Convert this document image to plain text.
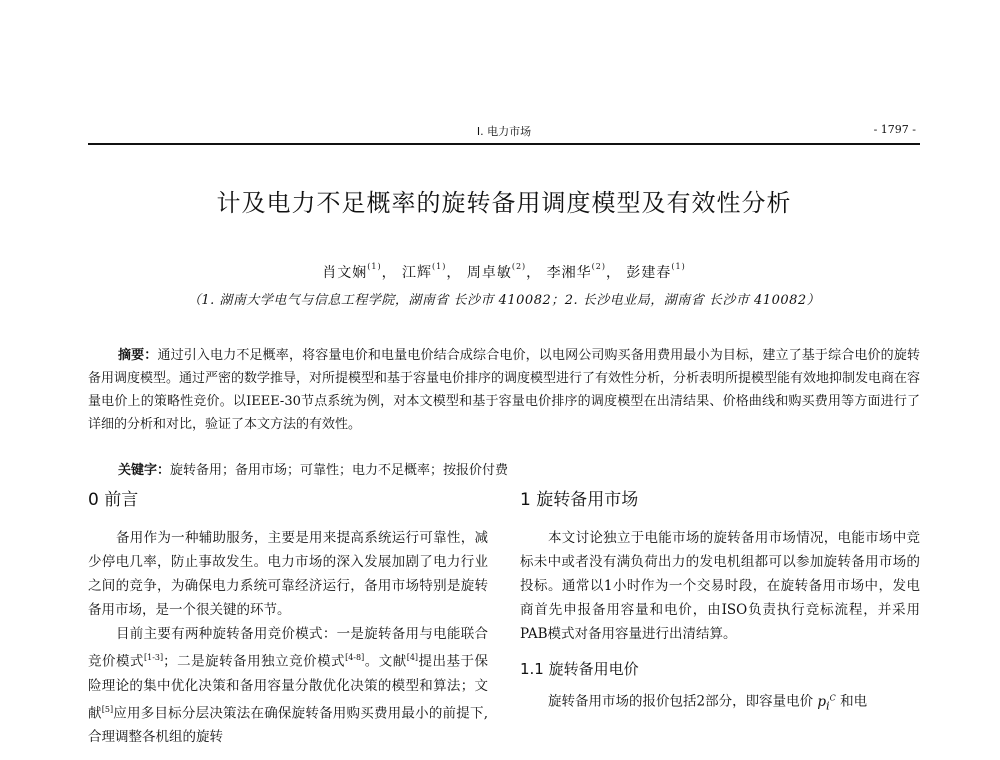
I. 电力市场	- 1797 -
计及电力不足概率的旋转备用调度模型及有效性分析
肖文娴$^{(1)}$， 江辉$^{(1)}$， 周卓敏$^{(2)}$， 李湘华$^{(2)}$， 彭建春$^{(1)}$
（1. 湖南大学电气与信息工程学院，湖南省 长沙市 410082；2. 长沙电业局，湖南省 长沙市 410082）
摘要：通过引入电力不足概率，将容量电价和电量电价结合成综合电价，以电网公司购买备用费用最小为目标，建立了基于综合电价的旋转备用调度模型。通过严密的数学推导，对所提模型和基于容量电价排序的调度模型进行了有效性分析，分析表明所提模型能有效地抑制发电商在容量电价上的策略性竞价。以IEEE-30节点系统为例，对本文模型和基于容量电价排序的调度模型在出清结果、价格曲线和购买费用等方面进行了详细的分析和对比，验证了本文方法的有效性。
关键字：旋转备用；备用市场；可靠性；电力不足概率；按报价付费
0 前言

备用作为一种辅助服务，主要是用来提高系统运行可靠性，减少停电几率，防止事故发生。电力市场的深入发展加剧了电力行业之间的竞争，为确保电力系统可靠经济运行，备用市场特别是旋转备用市场，是一个很关键的环节。

目前主要有两种旋转备用竞价模式：一是旋转备用与电能联合竞价模式[1-3]；二是旋转备用独立竞价模式[4-8]。文献[4]提出基于保险理论的集中优化决策和备用容量分散优化决策的模型和算法；文献[5]应用多目标分层决策法在确保旋转备用购买费用最小的前提下,合理调整各机组的旋转

1 旋转备用市场

本文讨论独立于电能市场的旋转备用市场情况，电能市场中竞标未中或者没有满负荷出力的发电机组都可以参加旋转备用市场的投标。通常以1小时作为一个交易时段，在旋转备用市场中，发电商首先申报备用容量和电价，由ISO负责执行竞标流程，并采用PAB模式对备用容量进行出清结算。

1.1 旋转备用电价

旋转备用市场的报价包括2部分，即容量电价 $p_i^C$ 和电
